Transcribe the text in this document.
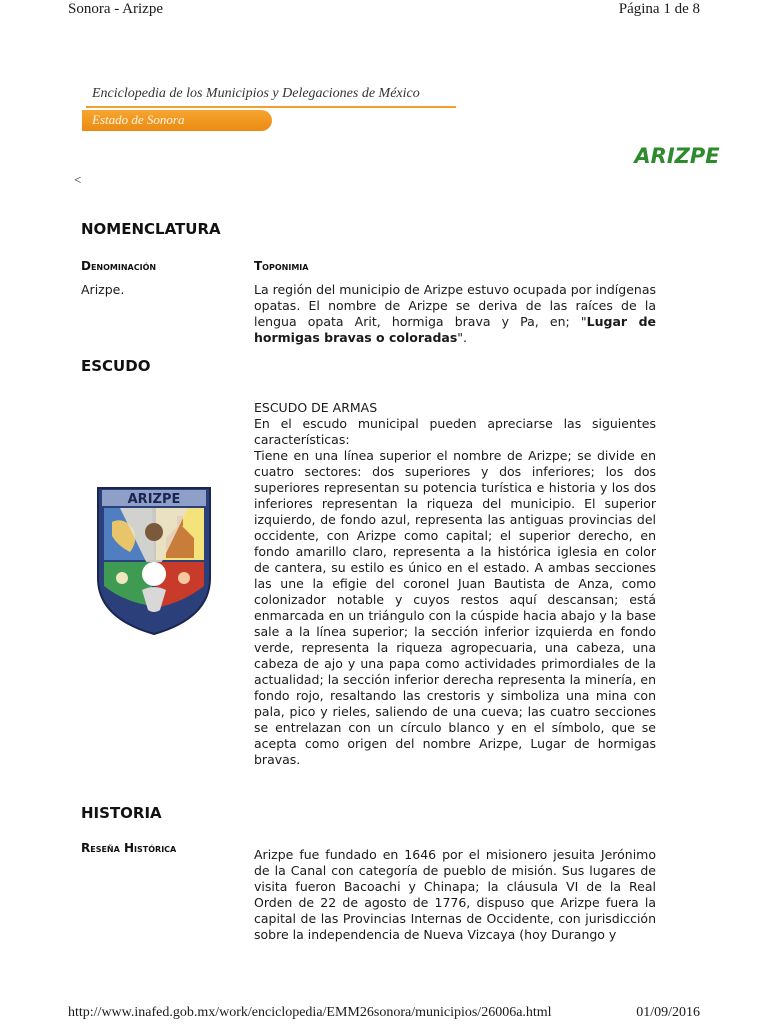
Sonora - Arizpe	Página 1 de 8
Enciclopedia de los Municipios y Delegaciones de México
Estado de Sonora
ARIZPE
<
NOMENCLATURA
Denominación	Toponimia
Arizpe.	La región del municipio de Arizpe estuvo ocupada por indígenas opatas. El nombre de Arizpe se deriva de las raíces de la lengua opata Arit, hormiga brava y Pa, en; "Lugar de hormigas bravas o coloradas".
ESCUDO
ARIZPE
ESCUDO DE ARMAS
En el escudo municipal pueden apreciarse las siguientes características:
Tiene en una línea superior el nombre de Arizpe; se divide en cuatro sectores: dos superiores y dos inferiores; los dos superiores representan su potencia turística e historia y los dos inferiores representan la riqueza del municipio. El superior izquierdo, de fondo azul, representa las antiguas provincias del occidente, con Arizpe como capital; el superior derecho, en fondo amarillo claro, representa a la histórica iglesia en color de cantera, su estilo es único en el estado. A ambas secciones las une la efigie del coronel Juan Bautista de Anza, como colonizador notable y cuyos restos aquí descansan; está enmarcada en un triángulo con la cúspide hacia abajo y la base sale a la línea superior; la sección inferior izquierda en fondo verde, representa la riqueza agropecuaria, una cabeza, una cabeza de ajo y una papa como actividades primordiales de la actualidad; la sección inferior derecha representa la minería, en fondo rojo, resaltando las crestoris y simboliza una mina con pala, pico y rieles, saliendo de una cueva; las cuatro secciones se entrelazan con un círculo blanco y en el símbolo, que se acepta como origen del nombre Arizpe, Lugar de hormigas bravas.
HISTORIA
Reseña Histórica	Arizpe fue fundado en 1646 por el misionero jesuita Jerónimo de la Canal con categoría de pueblo de misión. Sus lugares de visita fueron Bacoachi y Chinapa; la cláusula VI de la Real Orden de 22 de agosto de 1776, dispuso que Arizpe fuera la capital de las Provincias Internas de Occidente, con jurisdicción sobre la independencia de Nueva Vizcaya (hoy Durango y
http://www.inafed.gob.mx/work/enciclopedia/EMM26sonora/municipios/26006a.html	01/09/2016
